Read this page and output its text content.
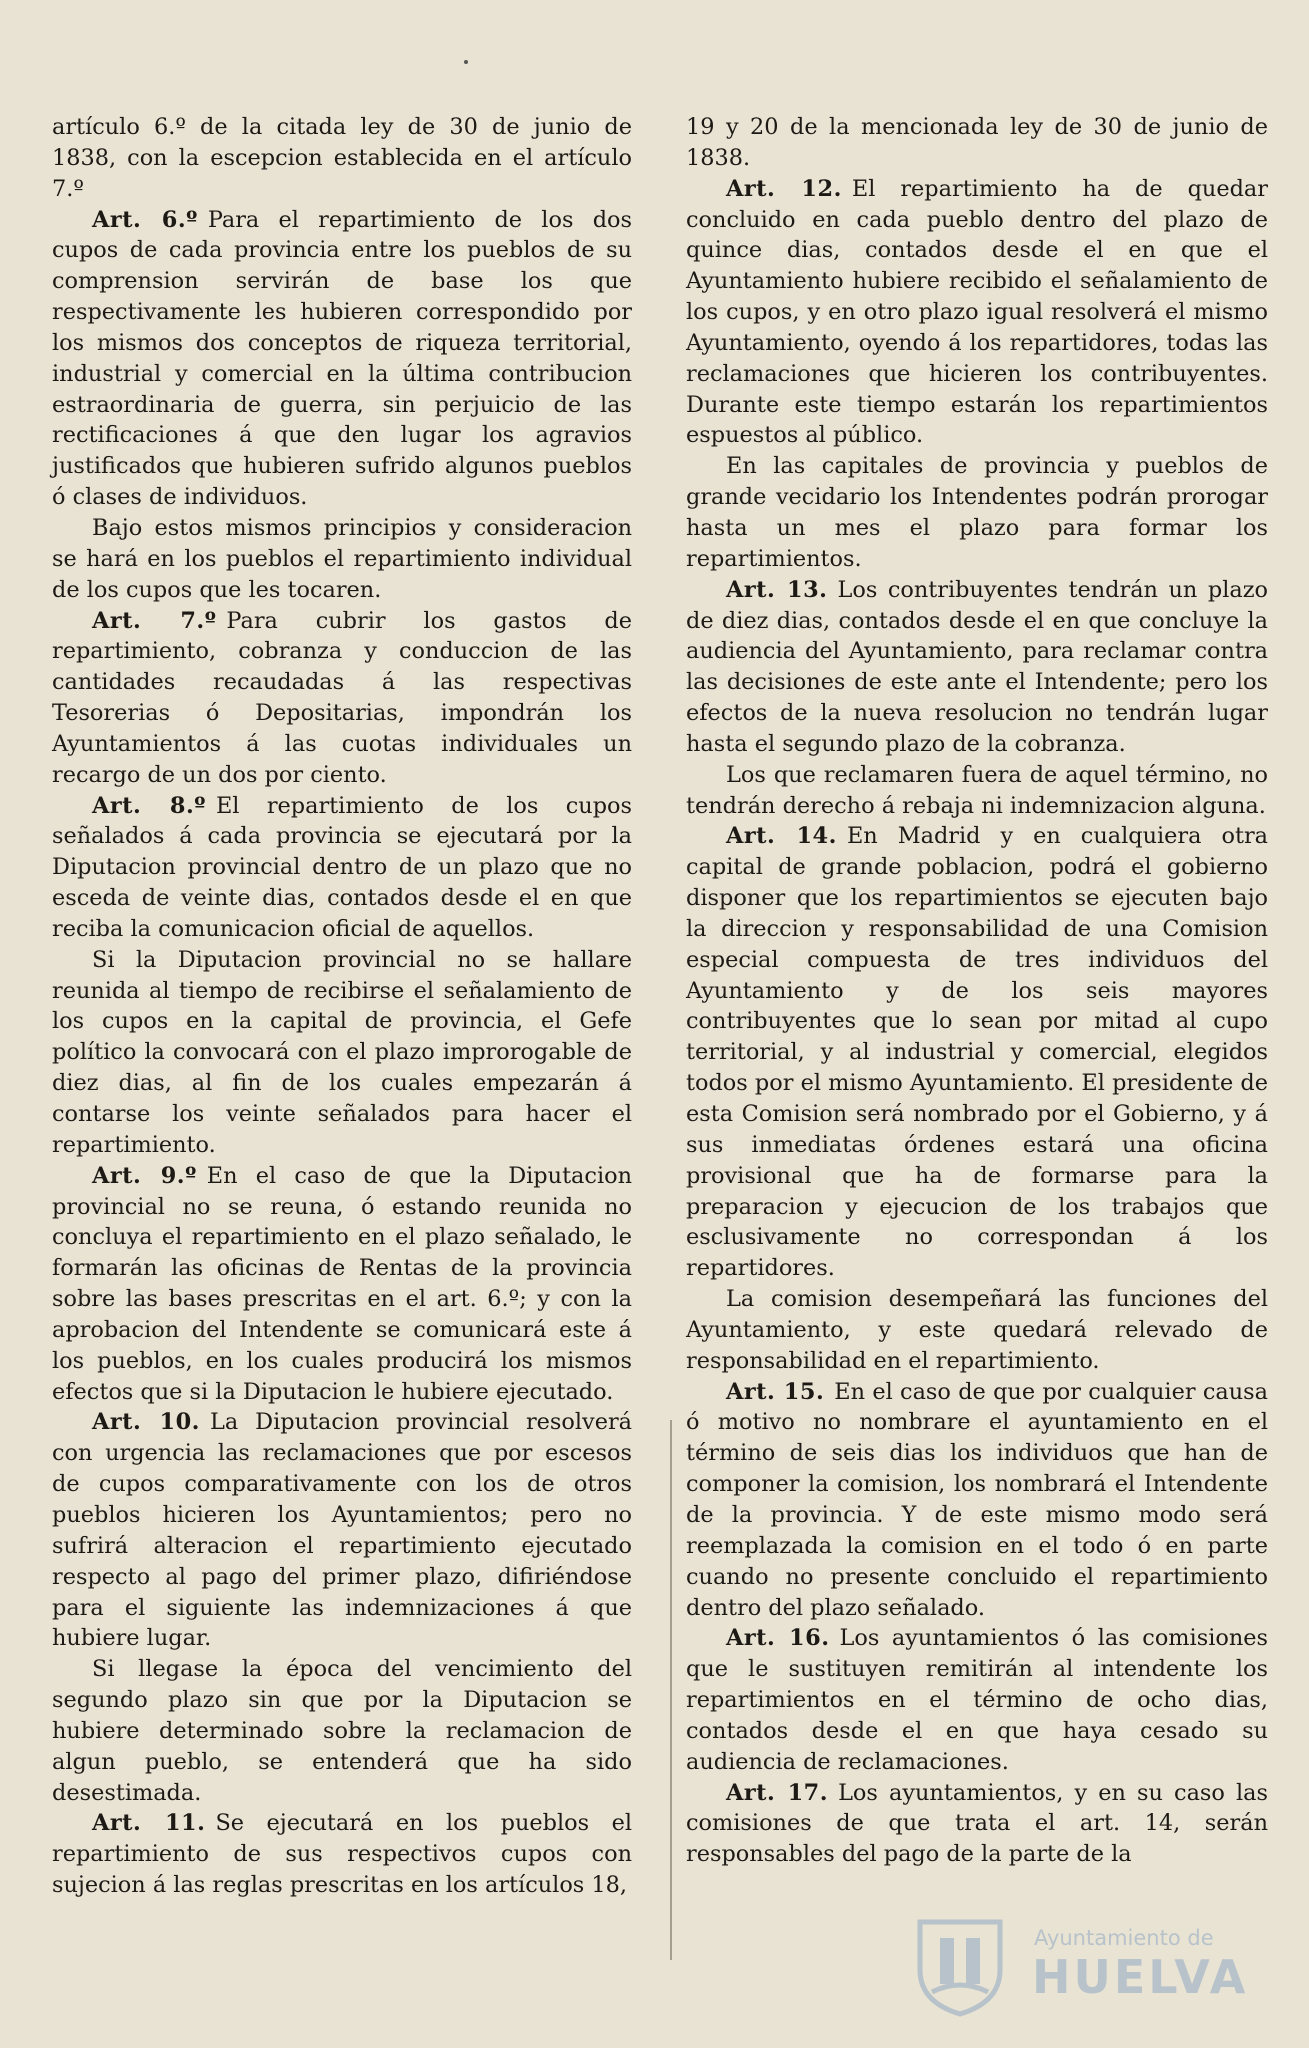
artículo 6.º de la citada ley de 30 de junio de 1838, con la escepcion establecida en el artículo 7.º

Art. 6.º Para el repartimiento de los dos cupos de cada provincia entre los pueblos de su comprension servirán de base los que respectivamente les hubieren correspondido por los mismos dos conceptos de riqueza territorial, industrial y comercial en la última contribucion estraordinaria de guerra, sin perjuicio de las rectificaciones á que den lugar los agravios justificados que hubieren sufrido algunos pueblos ó clases de individuos.

Bajo estos mismos principios y consideracion se hará en los pueblos el repartimiento individual de los cupos que les tocaren.

Art. 7.º Para cubrir los gastos de repartimiento, cobranza y conduccion de las cantidades recaudadas á las respectivas Tesorerias ó Depositarias, impondrán los Ayuntamientos á las cuotas individuales un recargo de un dos por ciento.

Art. 8.º El repartimiento de los cupos señalados á cada provincia se ejecutará por la Diputacion provincial dentro de un plazo que no esceda de veinte dias, contados desde el en que reciba la comunicacion oficial de aquellos.

Si la Diputacion provincial no se hallare reunida al tiempo de recibirse el señalamiento de los cupos en la capital de provincia, el Gefe político la convocará con el plazo improrogable de diez dias, al fin de los cuales empezarán á contarse los veinte señalados para hacer el repartimiento.

Art. 9.º En el caso de que la Diputacion provincial no se reuna, ó estando reunida no concluya el repartimiento en el plazo señalado, le formarán las oficinas de Rentas de la provincia sobre las bases prescritas en el art. 6.º; y con la aprobacion del Intendente se comunicará este á los pueblos, en los cuales producirá los mismos efectos que si la Diputacion le hubiere ejecutado.

Art. 10. La Diputacion provincial resolverá con urgencia las reclamaciones que por escesos de cupos comparativamente con los de otros pueblos hicieren los Ayuntamientos; pero no sufrirá alteracion el repartimiento ejecutado respecto al pago del primer plazo, difiriéndose para el siguiente las indemnizaciones á que hubiere lugar.

Si llegase la época del vencimiento del segundo plazo sin que por la Diputacion se hubiere determinado sobre la reclamacion de algun pueblo, se entenderá que ha sido desestimada.

Art. 11. Se ejecutará en los pueblos el repartimiento de sus respectivos cupos con sujecion á las reglas prescritas en los artículos 18,

19 y 20 de la mencionada ley de 30 de junio de 1838.

Art. 12. El repartimiento ha de quedar concluido en cada pueblo dentro del plazo de quince dias, contados desde el en que el Ayuntamiento hubiere recibido el señalamiento de los cupos, y en otro plazo igual resolverá el mismo Ayuntamiento, oyendo á los repartidores, todas las reclamaciones que hicieren los contribuyentes. Durante este tiempo estarán los repartimientos espuestos al público.

En las capitales de provincia y pueblos de grande vecidario los Intendentes podrán prorogar hasta un mes el plazo para formar los repartimientos.

Art. 13. Los contribuyentes tendrán un plazo de diez dias, contados desde el en que concluye la audiencia del Ayuntamiento, para reclamar contra las decisiones de este ante el Intendente; pero los efectos de la nueva resolucion no tendrán lugar hasta el segundo plazo de la cobranza.

Los que reclamaren fuera de aquel término, no tendrán derecho á rebaja ni indemnizacion alguna.

Art. 14. En Madrid y en cualquiera otra capital de grande poblacion, podrá el gobierno disponer que los repartimientos se ejecuten bajo la direccion y responsabilidad de una Comision especial compuesta de tres individuos del Ayuntamiento y de los seis mayores contribuyentes que lo sean por mitad al cupo territorial, y al industrial y comercial, elegidos todos por el mismo Ayuntamiento. El presidente de esta Comision será nombrado por el Gobierno, y á sus inmediatas órdenes estará una oficina provisional que ha de formarse para la preparacion y ejecucion de los trabajos que esclusivamente no correspondan á los repartidores.

La comision desempeñará las funciones del Ayuntamiento, y este quedará relevado de responsabilidad en el repartimiento.

Art. 15. En el caso de que por cualquier causa ó motivo no nombrare el ayuntamiento en el término de seis dias los individuos que han de componer la comision, los nombrará el Intendente de la provincia. Y de este mismo modo será reemplazada la comision en el todo ó en parte cuando no presente concluido el repartimiento dentro del plazo señalado.

Art. 16. Los ayuntamientos ó las comisiones que le sustituyen remitirán al intendente los repartimientos en el término de ocho dias, contados desde el en que haya cesado su audiencia de reclamaciones.

Art. 17. Los ayuntamientos, y en su caso las comisiones de que trata el art. 14, serán responsables del pago de la parte de la

Ayuntamiento de
HUELVA
